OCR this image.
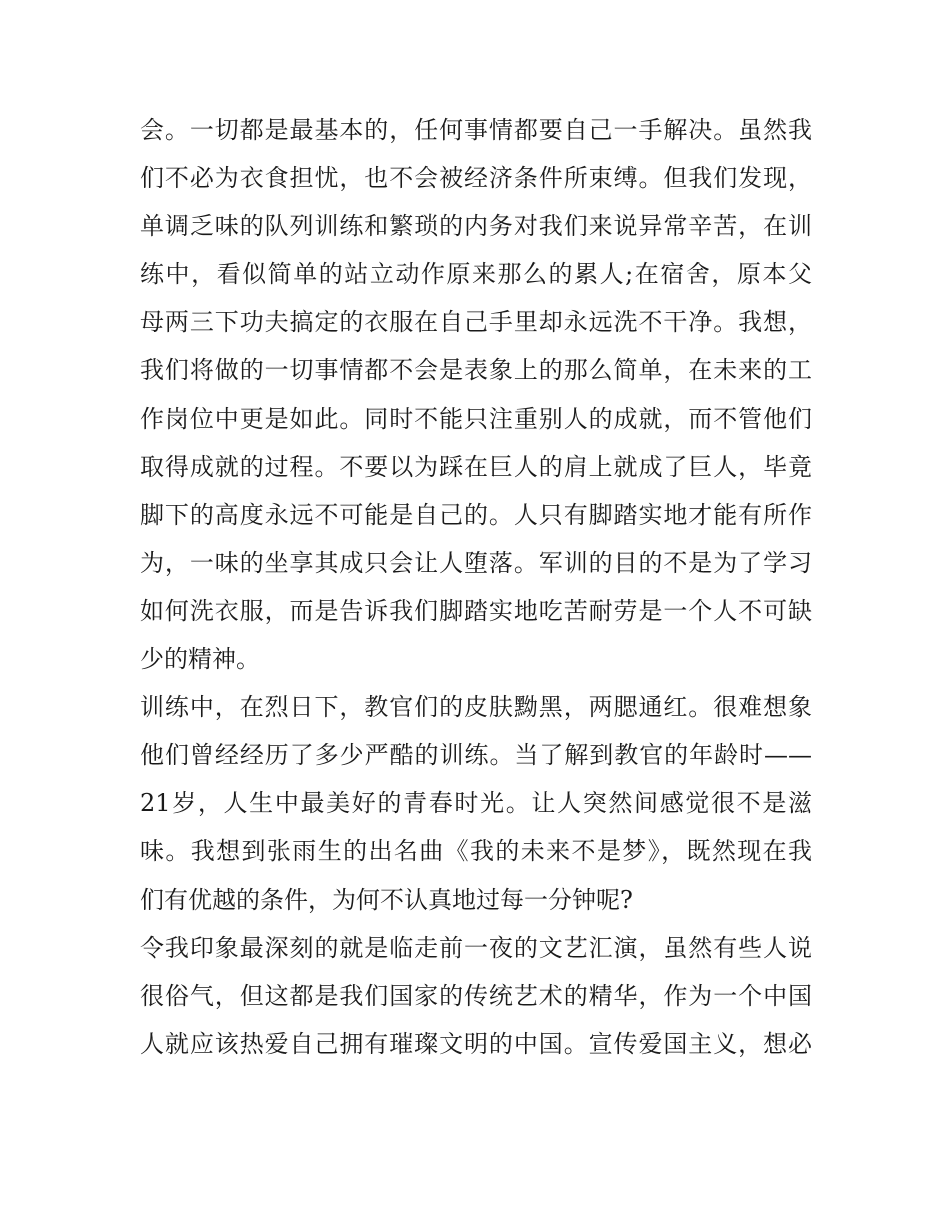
会。一切都是最基本的，任何事情都要自己一手解决。虽然我
们不必为衣食担忧，也不会被经济条件所束缚。但我们发现，
单调乏味的队列训练和繁琐的内务对我们来说异常辛苦，在训
练中，看似简单的站立动作原来那么的累人;在宿舍，原本父
母两三下功夫搞定的衣服在自己手里却永远洗不干净。我想，
我们将做的一切事情都不会是表象上的那么简单，在未来的工
作岗位中更是如此。同时不能只注重别人的成就，而不管他们
取得成就的过程。不要以为踩在巨人的肩上就成了巨人，毕竟
脚下的高度永远不可能是自己的。人只有脚踏实地才能有所作
为，一味的坐享其成只会让人堕落。军训的目的不是为了学习
如何洗衣服，而是告诉我们脚踏实地吃苦耐劳是一个人不可缺
少的精神。
训练中，在烈日下，教官们的皮肤黝黑，两腮通红。很难想象
他们曾经经历了多少严酷的训练。当了解到教官的年龄时——
21岁，人生中最美好的青春时光。让人突然间感觉很不是滋
味。我想到张雨生的出名曲《我的未来不是梦》，既然现在我
们有优越的条件，为何不认真地过每一分钟呢?
令我印象最深刻的就是临走前一夜的文艺汇演，虽然有些人说
很俗气，但这都是我们国家的传统艺术的精华，作为一个中国
人就应该热爱自己拥有璀璨文明的中国。宣传爱国主义，想必
